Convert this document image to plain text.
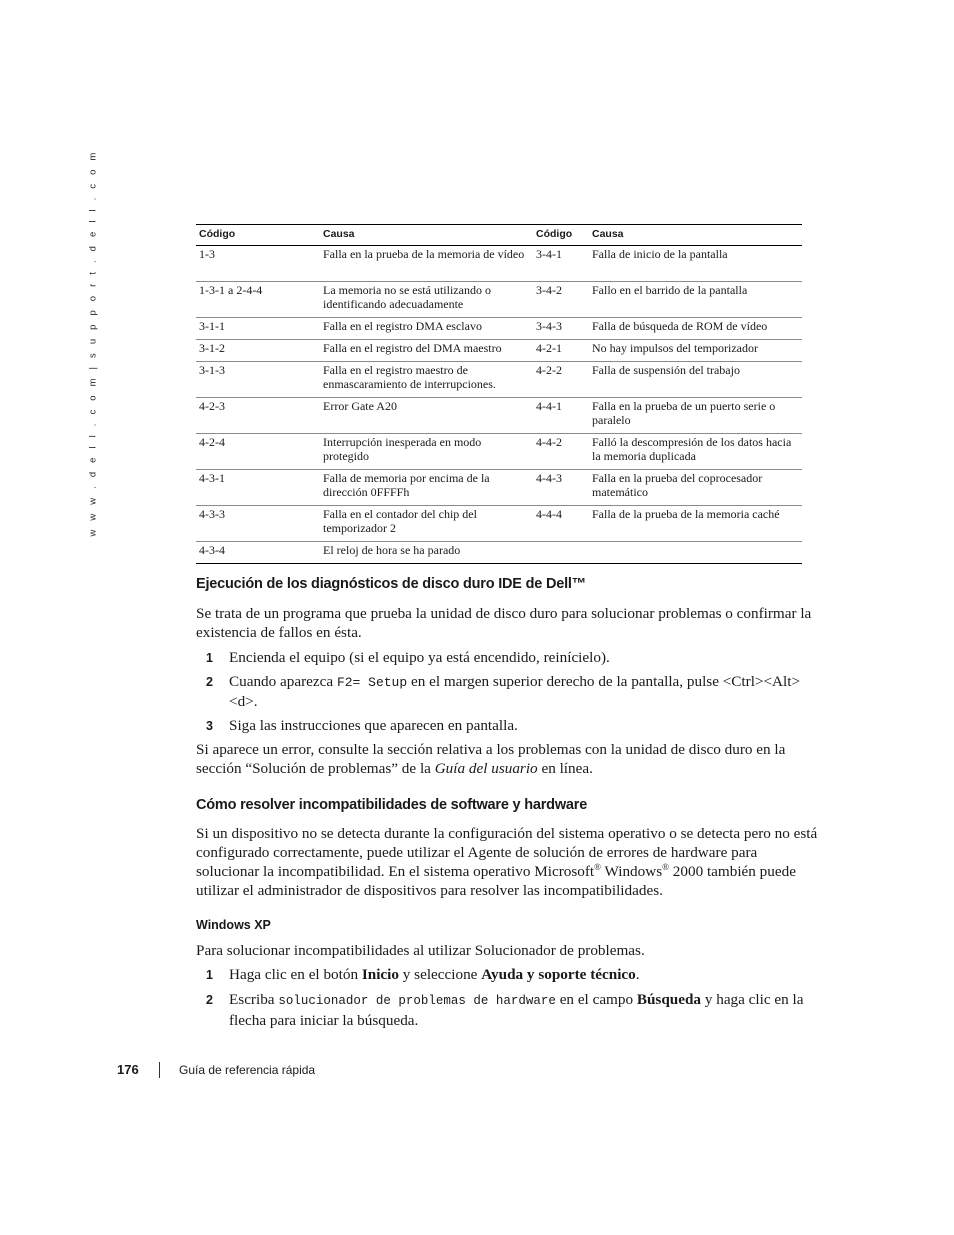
w w w . d e l l . c o m | s u p p o r t . d e l l . c o m	Código	Causa	Código	Causa
1-3	Falla en la prueba de la memoria de vídeo	3-4-1	Falla de inicio de la pantalla
1-3-1 a 2-4-4	La memoria no se está utilizando o identificando adecuadamente	3-4-2	Fallo en el barrido de la pantalla
3-1-1	Falla en el registro DMA esclavo	3-4-3	Falla de búsqueda de ROM de vídeo
3-1-2	Falla en el registro del DMA maestro	4-2-1	No hay impulsos del temporizador
3-1-3	Falla en el registro maestro de enmascaramiento de interrupciones.	4-2-2	Falla de suspensión del trabajo
4-2-3	Error Gate A20	4-4-1	Falla en la prueba de un puerto serie o paralelo
4-2-4	Interrupción inesperada en modo protegido	4-4-2	Falló la descompresión de los datos hacia la memoria duplicada
4-3-1	Falla de memoria por encima de la dirección 0FFFFh	4-4-3	Falla en la prueba del coprocesador matemático
4-3-3	Falla en el contador del chip del temporizador 2	4-4-4	Falla de la prueba de la memoria caché
4-3-4	El reloj de hora se ha parado		
Ejecución de los diagnósticos de disco duro IDE de Dell™

Se trata de un programa que prueba la unidad de disco duro para solucionar problemas o confirmar la existencia de fallos en ésta.

1 Encienda el equipo (si el equipo ya está encendido, reinícielo).
2 Cuando aparezca F2= Setup en el margen superior derecho de la pantalla, pulse <Ctrl><Alt><d>.
3 Siga las instrucciones que aparecen en pantalla.

Si aparece un error, consulte la sección relativa a los problemas con la unidad de disco duro en la sección “Solución de problemas” de la Guía del usuario en línea.

Cómo resolver incompatibilidades de software y hardware

Si un dispositivo no se detecta durante la configuración del sistema operativo o se detecta pero no está configurado correctamente, puede utilizar el Agente de solución de errores de hardware para solucionar la incompatibilidad. En el sistema operativo Microsoft® Windows® 2000 también puede utilizar el administrador de dispositivos para resolver las incompatibilidades.

Windows XP

Para solucionar incompatibilidades al utilizar Solucionador de problemas.

1 Haga clic en el botón Inicio y seleccione Ayuda y soporte técnico.
2 Escriba solucionador de problemas de hardware en el campo Búsqueda y haga clic en la flecha para iniciar la búsqueda.
176	Guía de referencia rápida
